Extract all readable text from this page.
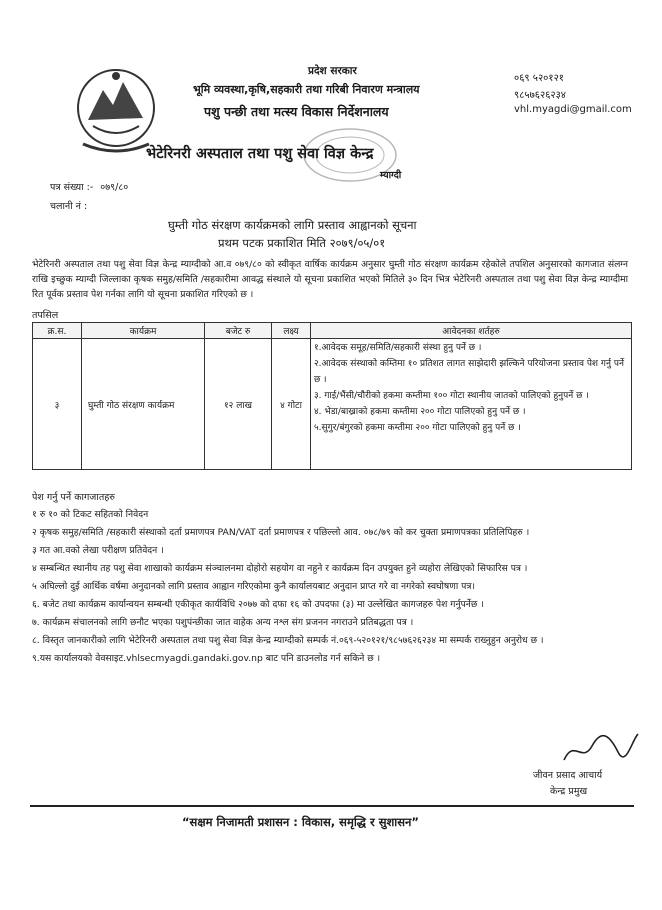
प्रदेश सरकार
भूमि व्यवस्था,कृषि,सहकारी तथा गरिबी निवारण मन्त्रालय
पशु पन्छी तथा मत्स्य विकास निर्देशनालय
भेटेरिनरी अस्पताल तथा पशु सेवा विज्ञ केन्द्र
म्याग्दी
०६९ ५२०१२१
९८५७६२६२३४
vhl.myagdi@gmail.com
पत्र संख्या :- ०७९/८०
चलानी नं :
घुम्ती गोठ संरक्षण कार्यक्रमको लागि प्रस्ताव आह्वानको सूचना
प्रथम पटक प्रकाशित मिति २०७९/०५/०१
भेटेरिनरी अस्पताल तथा पशु सेवा विज्ञ केन्द्र म्याग्दीको आ.व ०७९/८० को स्वीकृत वार्षिक कार्यक्रम अनुसार घुम्ती गोठ संरक्षण कार्यक्रम रहेकोले तपशिल अनुसारको कागजात संलग्न राखि इच्छुक म्याग्दी जिल्लाका कृषक समुह/समिति /सहकारीमा आवद्ध संस्थाले यो सूचना प्रकाशित भएको मितिले ३० दिन भित्र भेटेरिनरी अस्पताल तथा पशु सेवा विज्ञ केन्द्र म्याग्दीमा रित पूर्वक प्रस्ताव पेश गर्नका लागि यो सूचना प्रकाशित गरिएको छ ।
तपसिल
क्र.स.	कार्यक्रम	बजेट रु	लक्ष्य	आवेदनका शर्तहरु
३	घुम्ती गोठ संरक्षण कार्यक्रम	१२ लाख	४ गोटा	१.आवेदक समूह/समिति/सहकारी संस्था हुनु पर्ने छ ।
२.आवेदक संस्थाको कम्तिमा १० प्रतिशत लागत साझेदारी झल्किने परियोजना प्रस्ताव पेश गर्नु पर्ने छ ।
३. गाई/भैंसी/चौरीको हकमा कम्तीमा १०० गोटा स्थानीय जातको पालिएको हुनुपर्ने छ ।
४. भेडा/बाख्राको हकमा कम्तीमा २०० गोटा पालिएको हुनु पर्ने छ ।
५.सुगुर/बंगुरको हकमा कम्तीमा २०० गोटा पालिएको हुनु पर्ने छ ।
पेश गर्नु पर्ने कागजातहरु
१ रु १० को टिकट सहितको निवेदन
२ कृषक समुह/समिति /सहकारी संस्थाको दर्ता प्रमाणपत्र PAN/VAT दर्ता प्रमाणपत्र र पछिल्लो आव. ०७८/७९ को कर चुक्ता प्रमाणपत्रका प्रतिलिपिहरु ।
३ गत आ.वको लेखा परीक्षण प्रतिवेदन ।
४ सम्बन्धित स्थानीय तह पशु सेवा शाखाको कार्यक्रम संञ्चालनमा दोहोरो सहयोग वा नहुने र कार्यक्रम दिन उपयुक्त हुने व्यहोरा लेखिएको सिफारिस पत्र ।
५ अघिल्लो दुई आर्थिक वर्षमा अनुदानको लागि प्रस्ताव आह्वान गरिएकोमा कुनै कार्यालयबाट अनुदान प्राप्त गरे वा नगरेको स्वघोषणा पत्र।
६. बजेट तथा कार्यक्रम कार्यान्वयन सम्बन्धी एकीकृत कार्यविधि २०७७ को दफा १६ को उपदफा (३) मा उल्लेखित कागजहरु पेश गर्नुपर्नेछ ।
७. कार्यक्रम संचालनको लागि छनौट भएका पशुपंन्छीका जात वाहेक अन्य नश्ल संग प्रजनन नगराउने प्रतिबद्धता पत्र ।
८. विस्तृत जानकारीको लागि भेटेरिनरी अस्पताल तथा पशु सेवा विज्ञ केन्द्र म्याग्दीको सम्पर्क नं.०६९-५२०१२१/९८५७६२६२३४ मा सम्पर्क राख्नुहुन अनुरोध छ ।
९.यस कार्यालयको वेवसाइट.vhlsecmyagdi.gandaki.gov.np बाट पनि डाउनलोड गर्न सकिने छ ।
जीवन प्रसाद आचार्य
केन्द्र प्रमुख
“सक्षम निजामती प्रशासन : विकास, समृद्धि र सुशासन”
